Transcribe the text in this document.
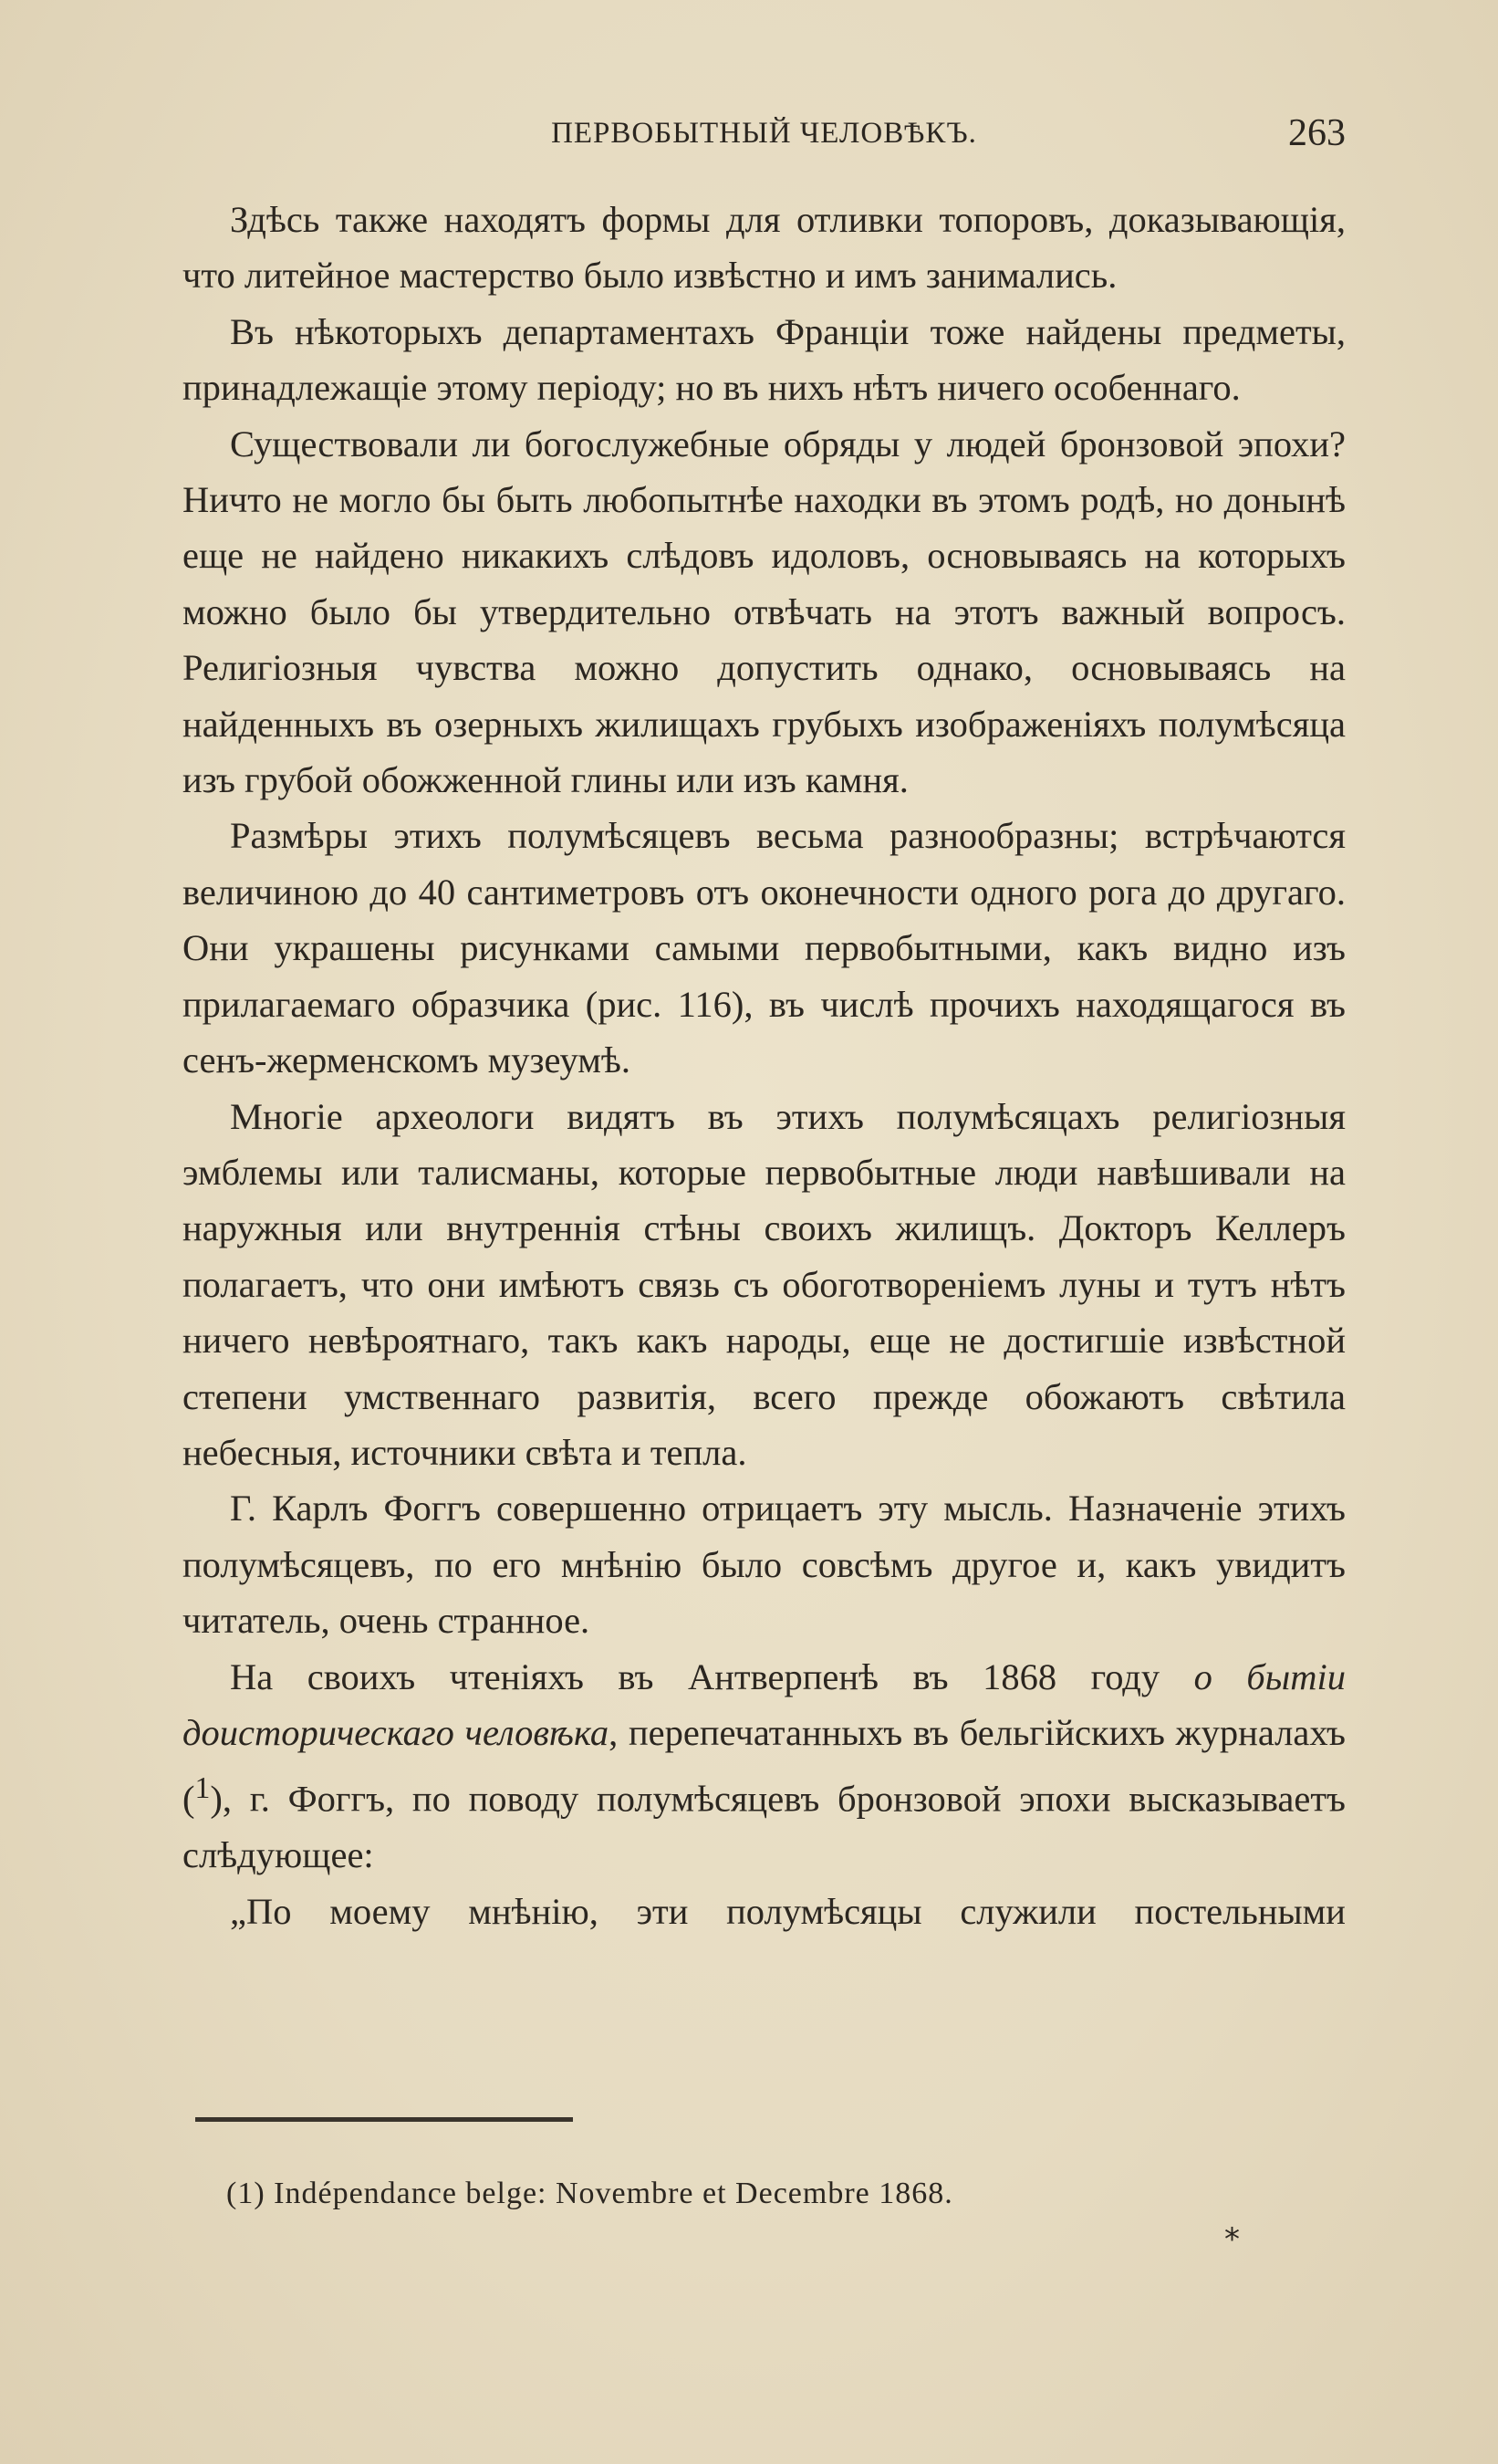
ПЕРВОБЫТНЫЙ ЧЕЛОВѢКЪ.	263

Здѣсь также находятъ формы для отливки топоровъ, доказывающія, что литейное мастерство было извѣстно и имъ занимались.

Въ нѣкоторыхъ департаментахъ Франціи тоже найдены предметы, принадлежащіе этому періоду; но въ нихъ нѣтъ ничего особеннаго.

Существовали ли богослужебные обряды у людей бронзовой эпохи? Ничто не могло бы быть любопытнѣе находки въ этомъ родѣ, но донынѣ еще не найдено никакихъ слѣдовъ идоловъ, основываясь на которыхъ можно было бы утвердительно отвѣчать на этотъ важный вопросъ. Религіозныя чувства можно допустить однако, основываясь на найденныхъ въ озерныхъ жилищахъ грубыхъ изображеніяхъ полумѣсяца изъ грубой обожженной глины или изъ камня.

Размѣры этихъ полумѣсяцевъ весьма разнообразны; встрѣчаются величиною до 40 сантиметровъ отъ оконечности одного рога до другаго. Они украшены рисунками самыми первобытными, какъ видно изъ прилагаемаго образчика (рис. 116), въ числѣ прочихъ находящагося въ сенъ-жерменскомъ музеумѣ.

Многіе археологи видятъ въ этихъ полумѣсяцахъ религіозныя эмблемы или талисманы, которые первобытные люди навѣшивали на наружныя или внутреннія стѣны своихъ жилищъ. Докторъ Келлеръ полагаетъ, что они имѣютъ связь съ обоготвореніемъ луны и тутъ нѣтъ ничего невѣроятнаго, такъ какъ народы, еще не достигшіе извѣстной степени умственнаго развитія, всего прежде обожаютъ свѣтила небесныя, источники свѣта и тепла.

Г. Карлъ Фоггъ совершенно отрицаетъ эту мысль. Назначеніе этихъ полумѣсяцевъ, по его мнѣнію было совсѣмъ другое и, какъ увидитъ читатель, очень странное.

На своихъ чтеніяхъ въ Антверпенѣ въ 1868 году о бытіи доисторическаго человѣка, перепечатанныхъ въ бельгійскихъ журналахъ ($^1$), г. Фоггъ, по поводу полумѣсяцевъ бронзовой эпохи высказываетъ слѣдующее:

„По моему мнѣнію, эти полумѣсяцы служили постельными

(1) Indépendance belge: Novembre et Decembre 1868.
*
